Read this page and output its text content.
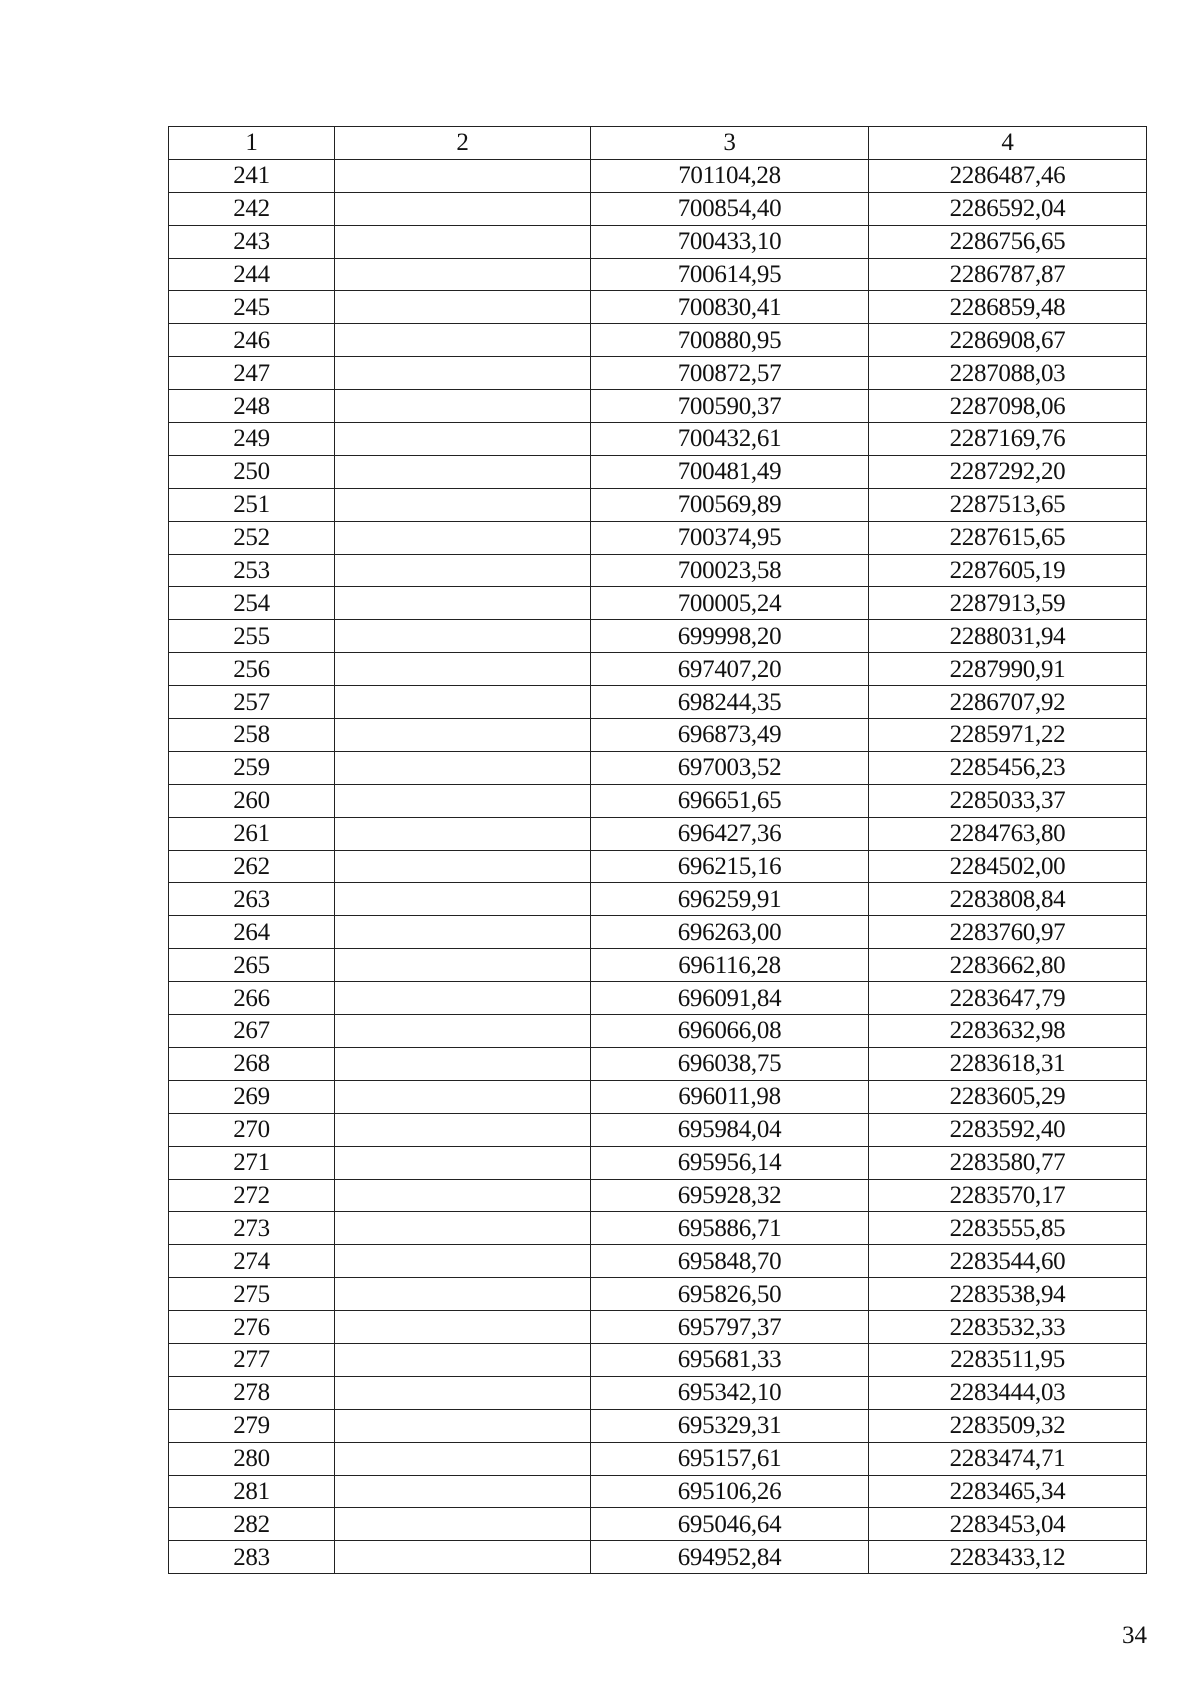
1	2	3	4
241		701104,28	2286487,46
242		700854,40	2286592,04
243		700433,10	2286756,65
244		700614,95	2286787,87
245		700830,41	2286859,48
246		700880,95	2286908,67
247		700872,57	2287088,03
248		700590,37	2287098,06
249		700432,61	2287169,76
250		700481,49	2287292,20
251		700569,89	2287513,65
252		700374,95	2287615,65
253		700023,58	2287605,19
254		700005,24	2287913,59
255		699998,20	2288031,94
256		697407,20	2287990,91
257		698244,35	2286707,92
258		696873,49	2285971,22
259		697003,52	2285456,23
260		696651,65	2285033,37
261		696427,36	2284763,80
262		696215,16	2284502,00
263		696259,91	2283808,84
264		696263,00	2283760,97
265		696116,28	2283662,80
266		696091,84	2283647,79
267		696066,08	2283632,98
268		696038,75	2283618,31
269		696011,98	2283605,29
270		695984,04	2283592,40
271		695956,14	2283580,77
272		695928,32	2283570,17
273		695886,71	2283555,85
274		695848,70	2283544,60
275		695826,50	2283538,94
276		695797,37	2283532,33
277		695681,33	2283511,95
278		695342,10	2283444,03
279		695329,31	2283509,32
280		695157,61	2283474,71
281		695106,26	2283465,34
282		695046,64	2283453,04
283		694952,84	2283433,12
34
